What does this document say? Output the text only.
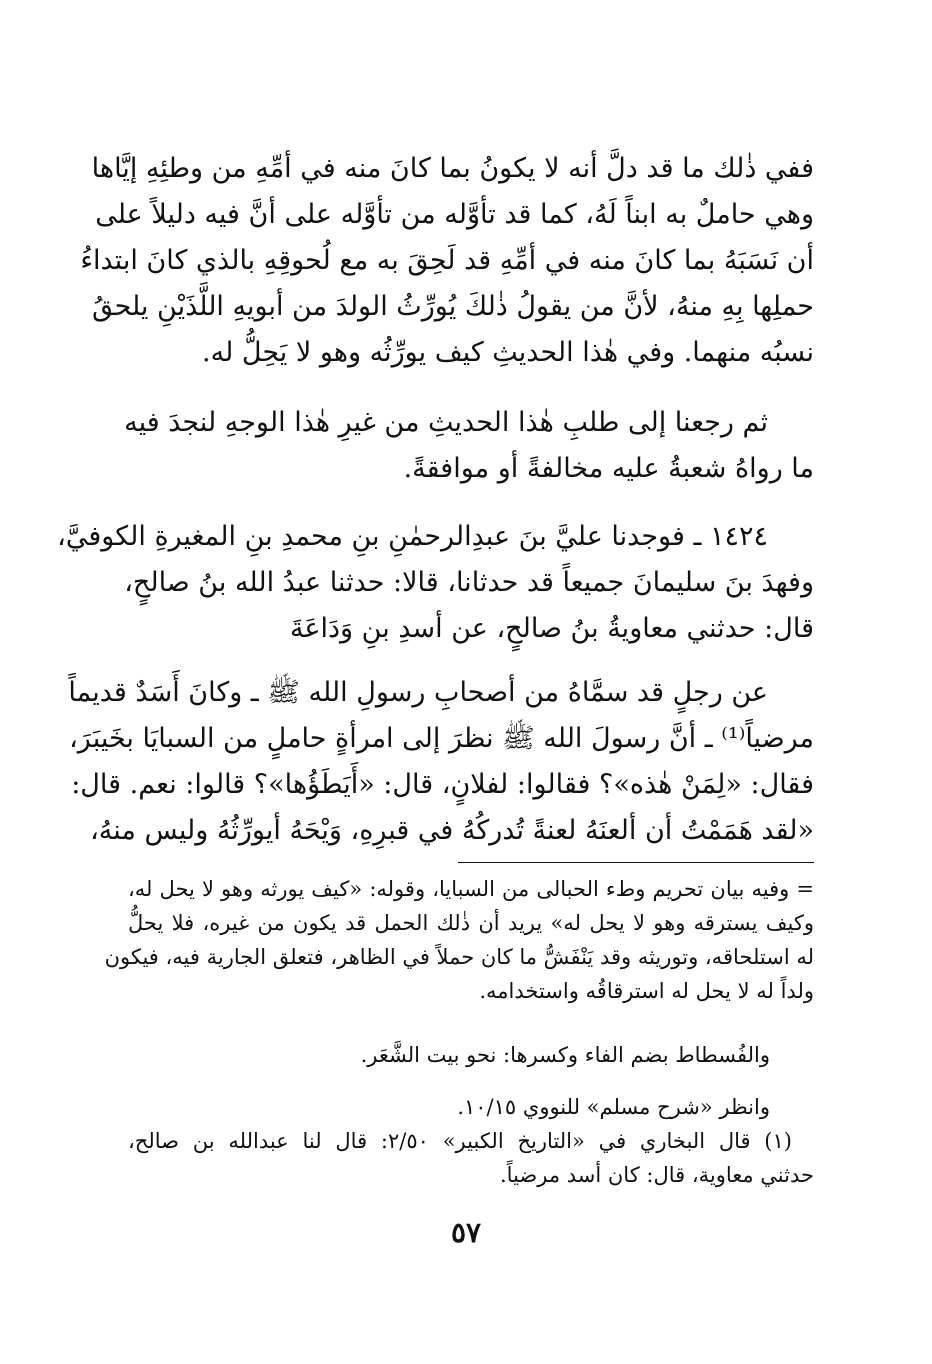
ففي ذٰلك ما قد دلَّ أنه لا يكونُ بما كانَ منه في أمِّهِ من وطئِهِ إيَّاها
وهي حاملٌ به ابناً لَهُ، كما قد تأوَّله من تأوَّله على أنَّ فيه دليلاً على
أن نَسَبَهُ بما كانَ منه في أمِّهِ قد لَحِقَ به مع لُحوقِهِ بالذي كانَ ابتداءُ
حملِها بِهِ منهُ، لأنَّ من يقولُ ذٰلكَ يُورِّثُ الولدَ من أبويهِ اللَّذَيْنِ يلحقُ
نسبُه منهما. وفي هٰذا الحديثِ كيف يورِّثُه وهو لا يَحِلُّ له.
ثم رجعنا إلى طلبِ هٰذا الحديثِ من غيرِ هٰذا الوجهِ لنجدَ فيه
ما رواهُ شعبةُ عليه مخالفةً أو موافقةً.
١٤٢٤ ـ فوجدنا عليَّ بنَ عبدِالرحمٰنِ بنِ محمدِ بنِ المغيرةِ الكوفيَّ،
وفهدَ بنَ سليمانَ جميعاً قد حدثانا، قالا: حدثنا عبدُ الله بنُ صالحٍ،
قال: حدثني معاويةُ بنُ صالحٍ، عن أسدِ بنِ وَدَاعَةَ
عن رجلٍ قد سمَّاهُ من أصحابِ رسولِ الله ﷺ ـ وكانَ أَسَدٌ قديماً
مرضياً⁽¹⁾ ـ أنَّ رسولَ الله ﷺ نظرَ إلى امرأةٍ حاملٍ من السبايَا بخَيبَرَ،
فقال: «لِمَنْ هٰذه»؟ فقالوا: لفلانٍ، قال: «أَيَطَؤُها»؟ قالوا: نعم. قال:
«لقد هَمَمْتُ أن ألعنَهُ لعنةً تُدركُهُ في قبرِهِ، وَيْحَهُ أيورِّثُهُ وليس منهُ،
= وفيه بيان تحريم وطء الحبالى من السبايا، وقوله: «كيف يورثه وهو لا يحل له،
وكيف يسترقه وهو لا يحل له» يريد أن ذٰلك الحمل قد يكون من غيره، فلا يحلُّ
له استلحاقه، وتوريثه وقد يَنْفَشُّ ما كان حملاً في الظاهر، فتعلق الجارية فيه، فيكون
ولداً له لا يحل له استرقاقُه واستخدامه.
والفُسطاط بضم الفاء وكسرها: نحو بيت الشَّعَر.
وانظر «شرح مسلم» للنووي ١٠/١٥.
(١) قال البخاري في «التاريخ الكبير» ٢/٥٠: قال لنا عبدالله بن صالح،
حدثني معاوية، قال: كان أسد مرضياً.
٥٧
